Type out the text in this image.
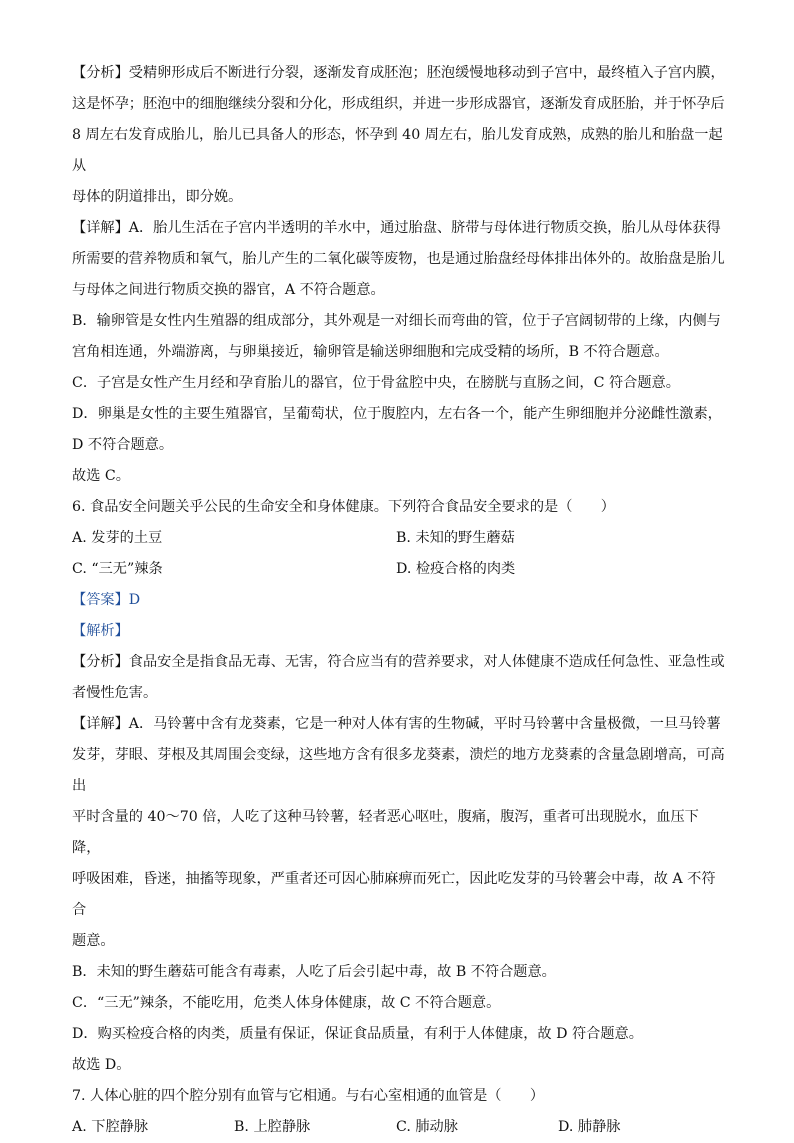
【分析】受精卵形成后不断进行分裂，逐渐发育成胚泡；胚泡缓慢地移动到子宫中，最终植入子宫内膜，

这是怀孕；胚泡中的细胞继续分裂和分化，形成组织，并进一步形成器官，逐渐发育成胚胎，并于怀孕后

8 周左右发育成胎儿，胎儿已具备人的形态，怀孕到 40 周左右，胎儿发育成熟，成熟的胎儿和胎盘一起从

母体的阴道排出，即分娩。

【详解】A．胎儿生活在子宫内半透明的羊水中，通过胎盘、脐带与母体进行物质交换，胎儿从母体获得

所需要的营养物质和氧气，胎儿产生的二氧化碳等废物，也是通过胎盘经母体排出体外的。故胎盘是胎儿

与母体之间进行物质交换的器官，A 不符合题意。

B．输卵管是女性内生殖器的组成部分，其外观是一对细长而弯曲的管，位于子宫阔韧带的上缘，内侧与

宫角相连通，外端游离，与卵巢接近，输卵管是输送卵细胞和完成受精的场所，B 不符合题意。

C．子宫是女性产生月经和孕育胎儿的器官，位于骨盆腔中央，在膀胱与直肠之间，C 符合题意。

D．卵巢是女性的主要生殖器官，呈葡萄状，位于腹腔内，左右各一个，能产生卵细胞并分泌雌性激素，

D 不符合题意。

故选 C。

6. 食品安全问题关乎公民的生命安全和身体健康。下列符合食品安全要求的是（　　）

A. 发芽的土豆	B. 未知的野生蘑菇
C. “三无”辣条	D. 检疫合格的肉类

【答案】D

【解析】

【分析】食品安全是指食品无毒、无害，符合应当有的营养要求，对人体健康不造成任何急性、亚急性或

者慢性危害。

【详解】A．马铃薯中含有龙葵素，它是一种对人体有害的生物碱，平时马铃薯中含量极微，一旦马铃薯

发芽，芽眼、芽根及其周围会变绿，这些地方含有很多龙葵素，溃烂的地方龙葵素的含量急剧增高，可高出

平时含量的 40～70 倍，人吃了这种马铃薯，轻者恶心呕吐，腹痛，腹泻，重者可出现脱水，血压下降，

呼吸困难，昏迷，抽搐等现象，严重者还可因心肺麻痹而死亡，因此吃发芽的马铃薯会中毒，故 A 不符合

题意。

B．未知的野生蘑菇可能含有毒素，人吃了后会引起中毒，故 B 不符合题意。

C．“三无”辣条，不能吃用，危类人体身体健康，故 C 不符合题意。

D．购买检疫合格的肉类，质量有保证，保证食品质量，有利于人体健康，故 D 符合题意。

故选 D。

7. 人体心脏的四个腔分别有血管与它相通。与右心室相通的血管是（　　）

A. 下腔静脉	B. 上腔静脉	C. 肺动脉	D. 肺静脉
